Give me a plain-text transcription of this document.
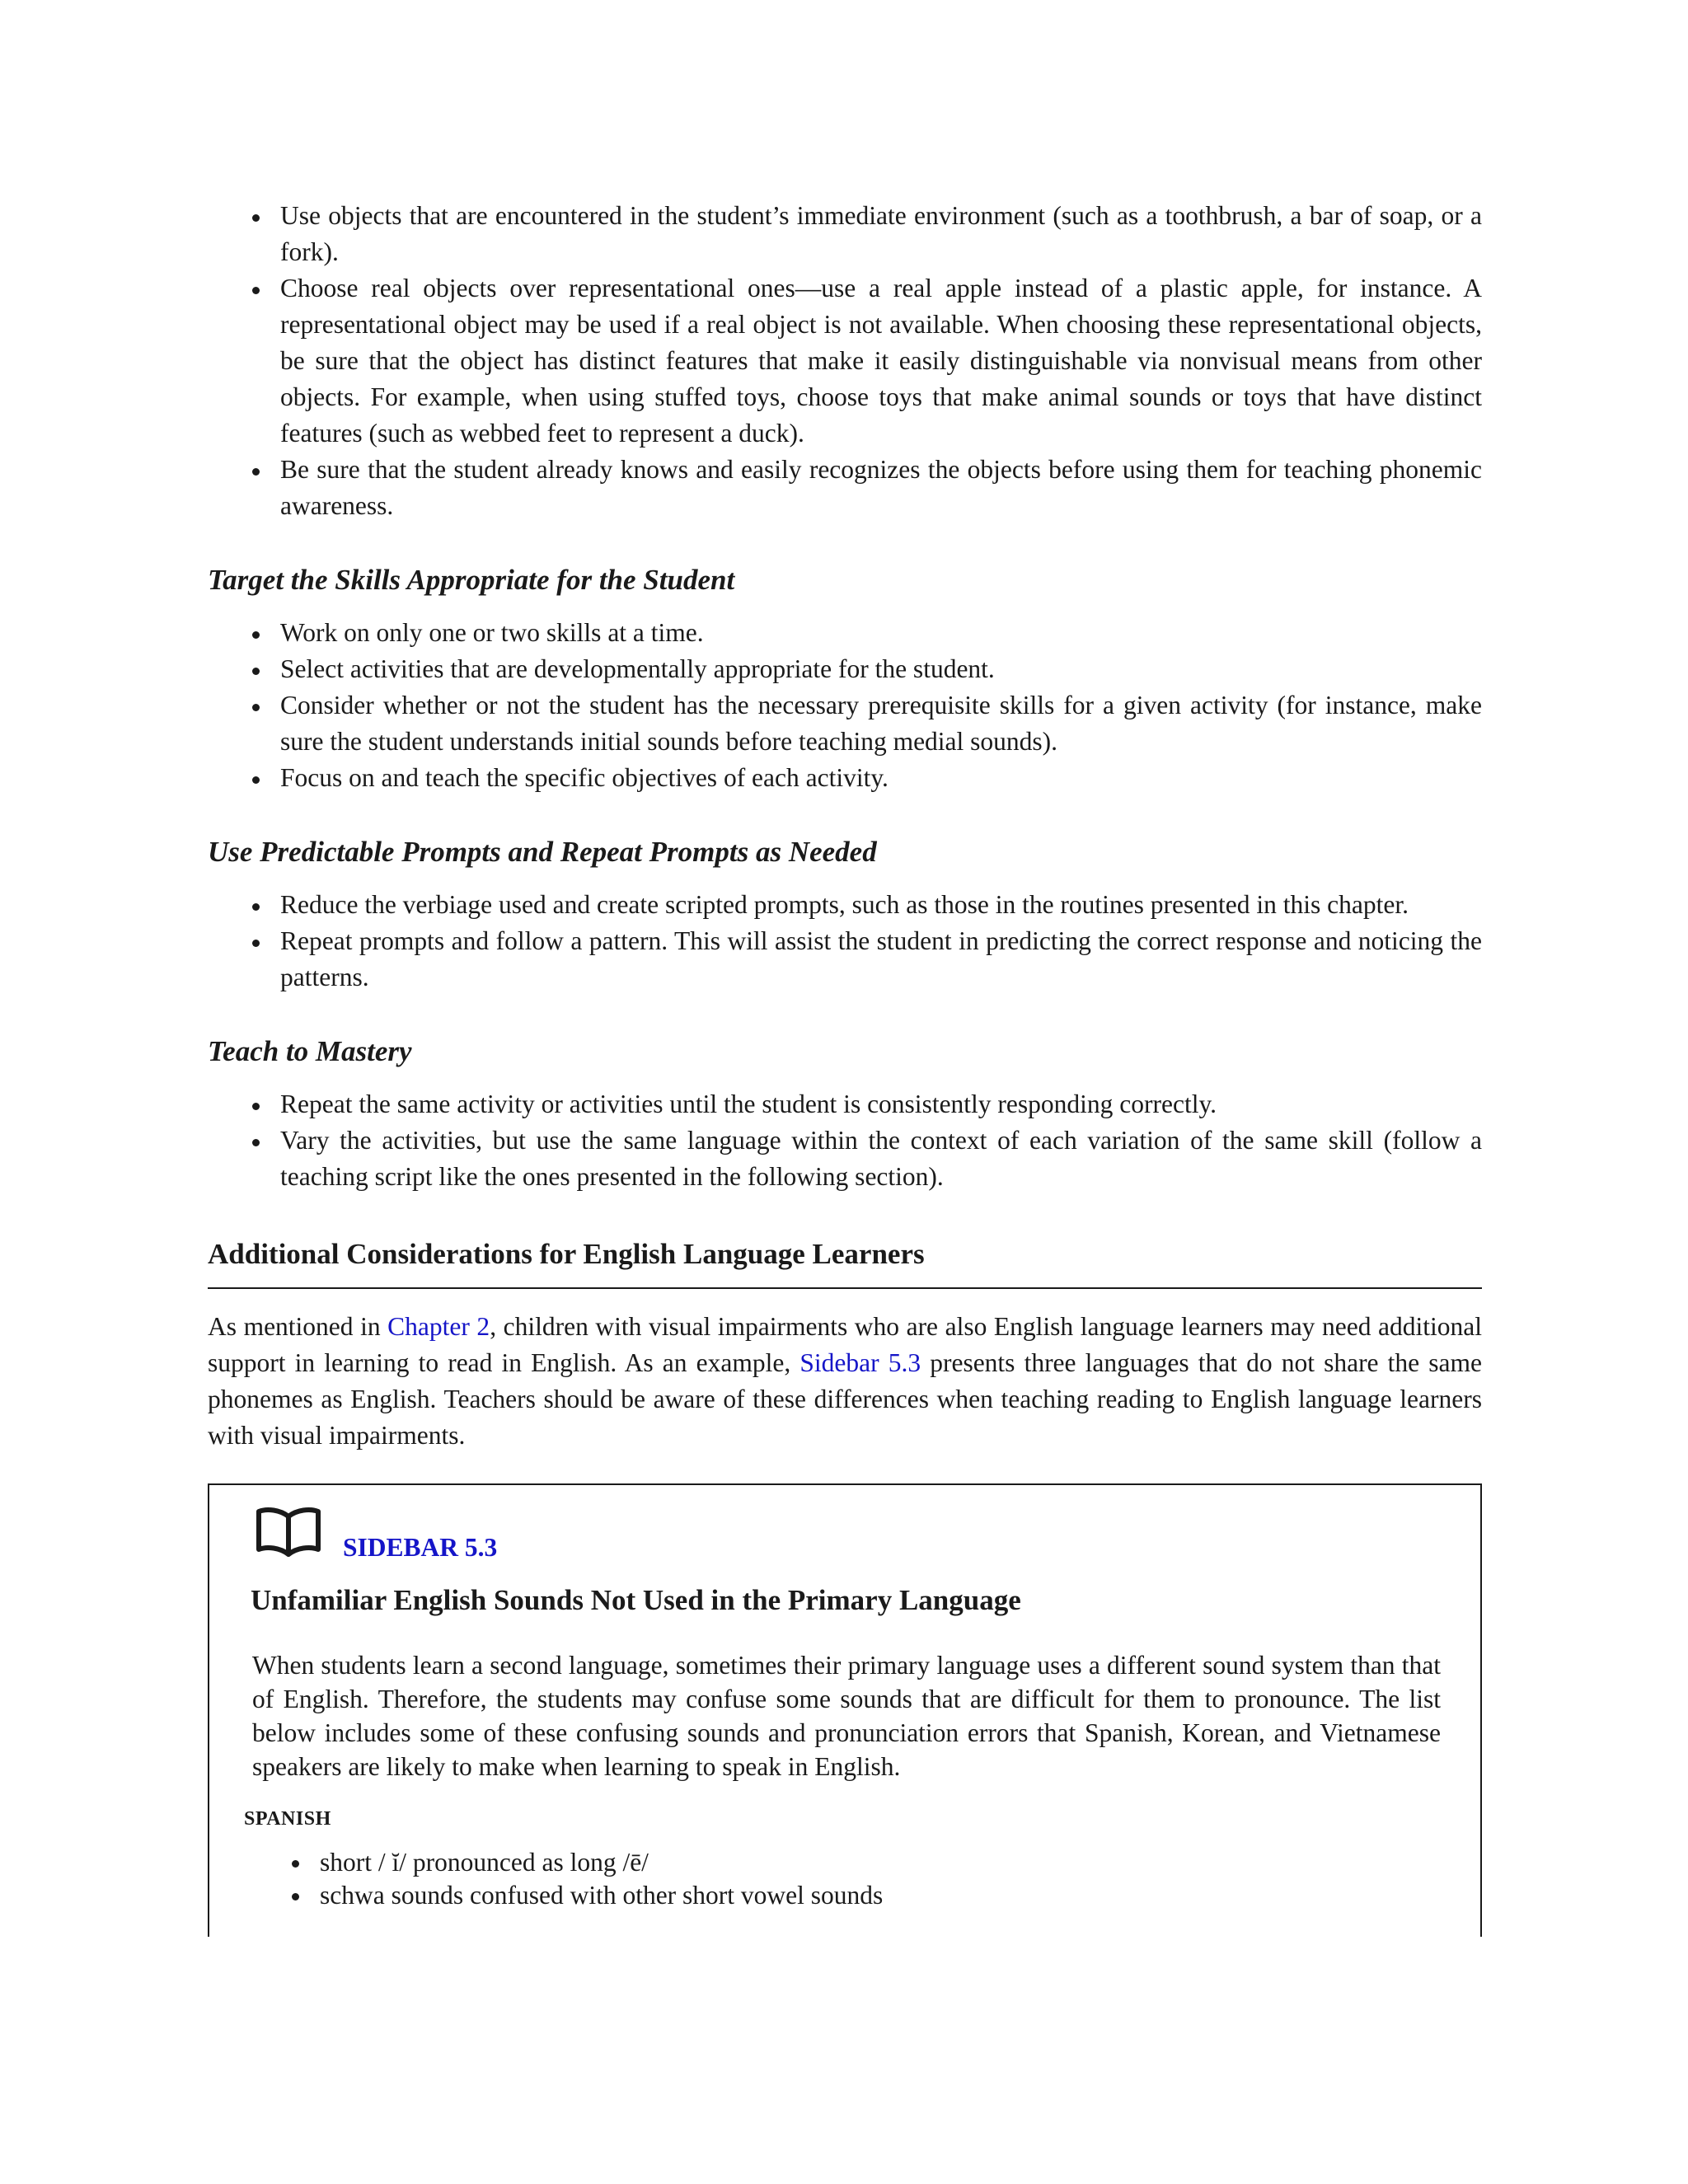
Use objects that are encountered in the student’s immediate environment (such as a toothbrush, a bar of soap, or a fork).
Choose real objects over representational ones—use a real apple instead of a plastic apple, for instance. A representational object may be used if a real object is not available. When choosing these representational objects, be sure that the object has distinct features that make it easily distinguishable via nonvisual means from other objects. For example, when using stuffed toys, choose toys that make animal sounds or toys that have distinct features (such as webbed feet to represent a duck).
Be sure that the student already knows and easily recognizes the objects before using them for teaching phonemic awareness.
Target the Skills Appropriate for the Student
Work on only one or two skills at a time.
Select activities that are developmentally appropriate for the student.
Consider whether or not the student has the necessary prerequisite skills for a given activity (for instance, make sure the student understands initial sounds before teaching medial sounds).
Focus on and teach the specific objectives of each activity.
Use Predictable Prompts and Repeat Prompts as Needed
Reduce the verbiage used and create scripted prompts, such as those in the routines presented in this chapter.
Repeat prompts and follow a pattern. This will assist the student in predicting the correct response and noticing the patterns.
Teach to Mastery
Repeat the same activity or activities until the student is consistently responding correctly.
Vary the activities, but use the same language within the context of each variation of the same skill (follow a teaching script like the ones presented in the following section).
Additional Considerations for English Language Learners

As mentioned in Chapter 2, children with visual impairments who are also English language learners may need additional support in learning to read in English. As an example, Sidebar 5.3 presents three languages that do not share the same phonemes as English. Teachers should be aware of these differences when teaching reading to English language learners with visual impairments.

SIDEBAR 5.3
Unfamiliar English Sounds Not Used in the Primary Language

When students learn a second language, sometimes their primary language uses a different sound system than that of English. Therefore, the students may confuse some sounds that are difficult for them to pronounce. The list below includes some of these confusing sounds and pronunciation errors that Spanish, Korean, and Vietnamese speakers are likely to make when learning to speak in English.

SPANISH

short / ĭ/ pronounced as long /ē/
schwa sounds confused with other short vowel sounds
